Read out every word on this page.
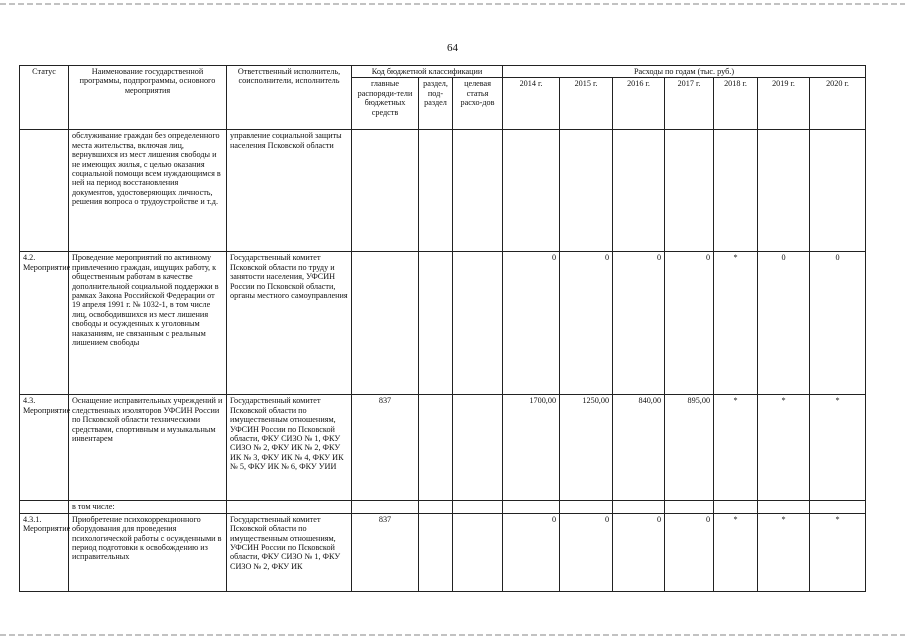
64
Статус	Наименование государственной программы, подпрограммы, основного мероприятия	Ответственный исполнитель, соисполнители, исполнитель	Код бюджетной классификации			Расходы по годам (тыс. руб.)						
			главные распоряди-тели бюджетных средств	раздел, под-раздел	целевая статья расхо-дов	2014 г.	2015 г.	2016 г.	2017 г.	2018 г.	2019 г.	2020 г.
	обслуживание граждан без определенного места жительства, включая лиц, вернувшихся из мест лишения свободы и не имеющих жилья, с целью оказания социальной помощи всем нуждающимся в ней на период восстановления документов, удостоверяющих личность, решения вопроса о трудоустройстве и т.д.	управление социальной защиты населения Псковской области										
4.2. Мероприятие	Проведение мероприятий по активному привлечению граждан, ищущих работу, к общественным работам в качестве дополнительной социальной поддержки в рамках Закона Российской Федерации от 19 апреля 1991 г. № 1032-1, в том числе лиц, освободившихся из мест лишения свободы и осужденных к уголовным наказаниям, не связанным с реальным лишением свободы	Государственный комитет Псковской области по труду и занятости населения, УФСИН России по Псковской области, органы местного самоуправления				0	0	0	0	*	0	0
4.3. Мероприятие	Оснащение исправительных учреждений и следственных изоляторов УФСИН России по Псковской области техническими средствами, спортивным и музыкальным инвентарем	Государственный комитет Псковской области по имущественным отношениям, УФСИН России по Псковской области, ФКУ СИЗО № 1, ФКУ СИЗО № 2, ФКУ ИК № 2, ФКУ ИК № 3, ФКУ ИК № 4, ФКУ ИК № 5, ФКУ ИК № 6, ФКУ УИИ	837			1700,00	1250,00	840,00	895,00	*	*	*
	в том числе:											
4.3.1. Мероприятие	Приобретение психокоррекционного оборудования для проведения психологической работы с осужденными в период подготовки к освобождению из исправительных	Государственный комитет Псковской области по имущественным отношениям, УФСИН России по Псковской области, ФКУ СИЗО № 1, ФКУ СИЗО № 2, ФКУ ИК	837			0	0	0	0	*	*	*
